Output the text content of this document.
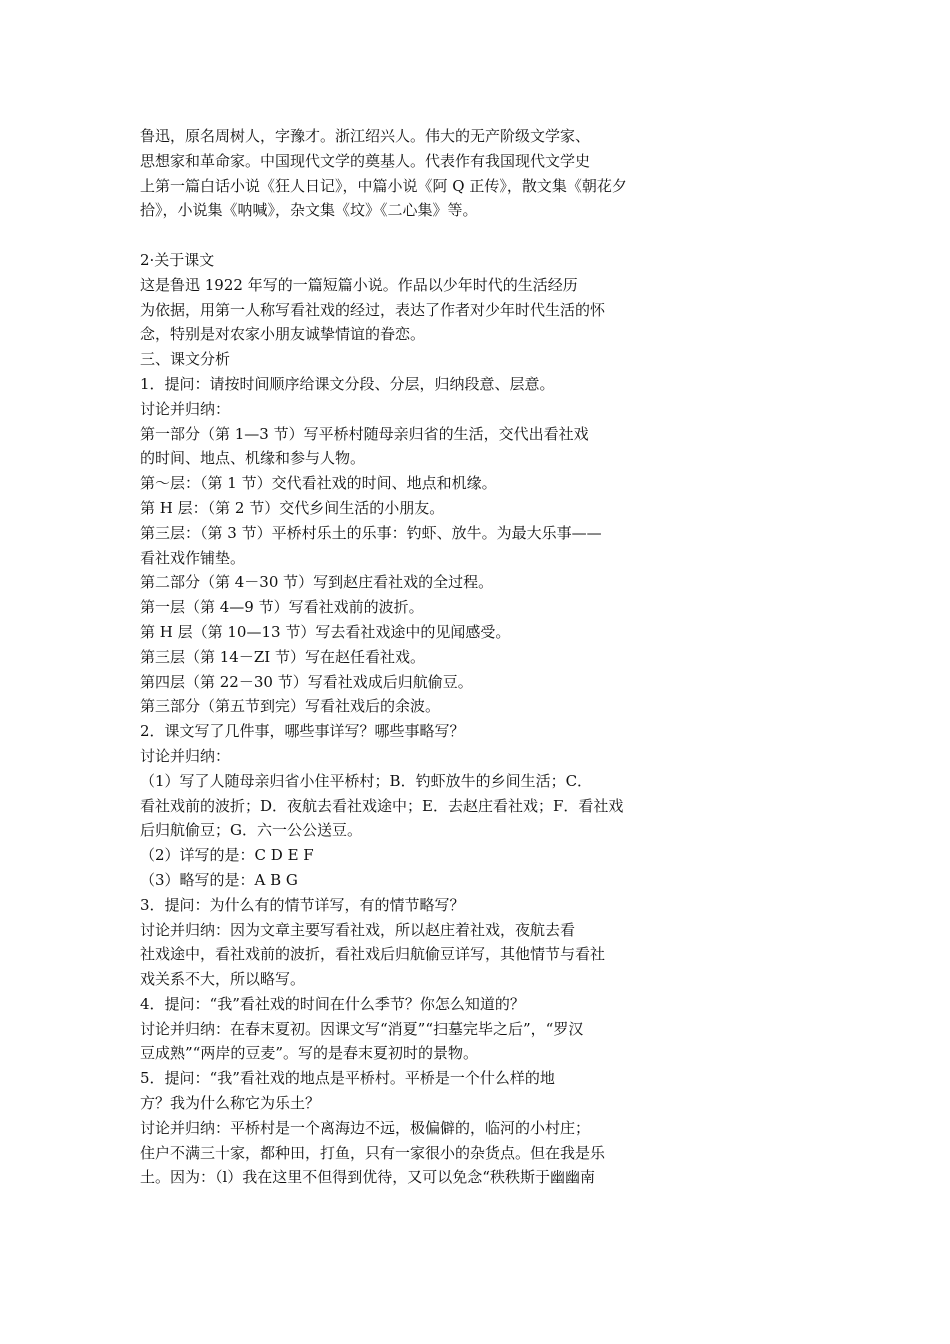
鲁迅，原名周树人，字豫才。浙江绍兴人。伟大的无产阶级文学家、
思想家和革命家。中国现代文学的奠基人。代表作有我国现代文学史
上第一篇白话小说《狂人日记》，中篇小说《阿 Q 正传》，散文集《朝花夕
拾》，小说集《呐喊》，杂文集《坟》《二心集》等。
2·关于课文
这是鲁迅 1922 年写的一篇短篇小说。作品以少年时代的生活经历
为依据，用第一人称写看社戏的经过，表达了作者对少年时代生活的怀
念，特别是对农家小朋友诚挚情谊的眷恋。
三、课文分析
1．提问：请按时间顺序给课文分段、分层，归纳段意、层意。
讨论并归纳：
第一部分（第 1—3 节）写平桥村随母亲归省的生活，交代出看社戏
的时间、地点、机缘和参与人物。
第～层：（第 1 节）交代看社戏的时间、地点和机缘。
第 H 层：（第 2 节）交代乡间生活的小朋友。
第三层：（第 3 节）平桥村乐土的乐事：钓虾、放牛。为最大乐事——
看社戏作铺垫。
第二部分（第 4－30 节）写到赵庄看社戏的全过程。
第一层（第 4—9 节）写看社戏前的波折。
第 H 层（第 10—13 节）写去看社戏途中的见闻感受。
第三层（第 14－ZI 节）写在赵任看社戏。
第四层（第 22－30 节）写看社戏成后归航偷豆。
第三部分（第五节到完）写看社戏后的余波。
2．课文写了几件事，哪些事详写？哪些事略写？
讨论并归纳：
（1）写了人随母亲归省小住平桥村；B．钓虾放牛的乡间生活；C．
看社戏前的波折；D．夜航去看社戏途中；E．去赵庄看社戏；F．看社戏
后归航偷豆；G．六一公公送豆。
（2）详写的是：C D E F
（3）略写的是：A B G
3．提问：为什么有的情节详写，有的情节略写？
讨论并归纳：因为文章主要写看社戏，所以赵庄着社戏，夜航去看
社戏途中，看社戏前的波折，看社戏后归航偷豆详写，其他情节与看社
戏关系不大，所以略写。
4．提问：“我”看社戏的时间在什么季节？你怎么知道的？
讨论并归纳：在春末夏初。因课文写“消夏”“扫墓完毕之后”，“罗汉
豆成熟”“两岸的豆麦”。写的是春末夏初时的景物。
5．提问：“我”看社戏的地点是平桥村。平桥是一个什么样的地
方？我为什么称它为乐土？
讨论并归纳：平桥村是一个离海边不远，极偏僻的，临河的小村庄；
住户不满三十家，都种田，打鱼，只有一家很小的杂货点。但在我是乐
土。因为：（l）我在这里不但得到优待，又可以免念“秩秩斯于幽幽南
